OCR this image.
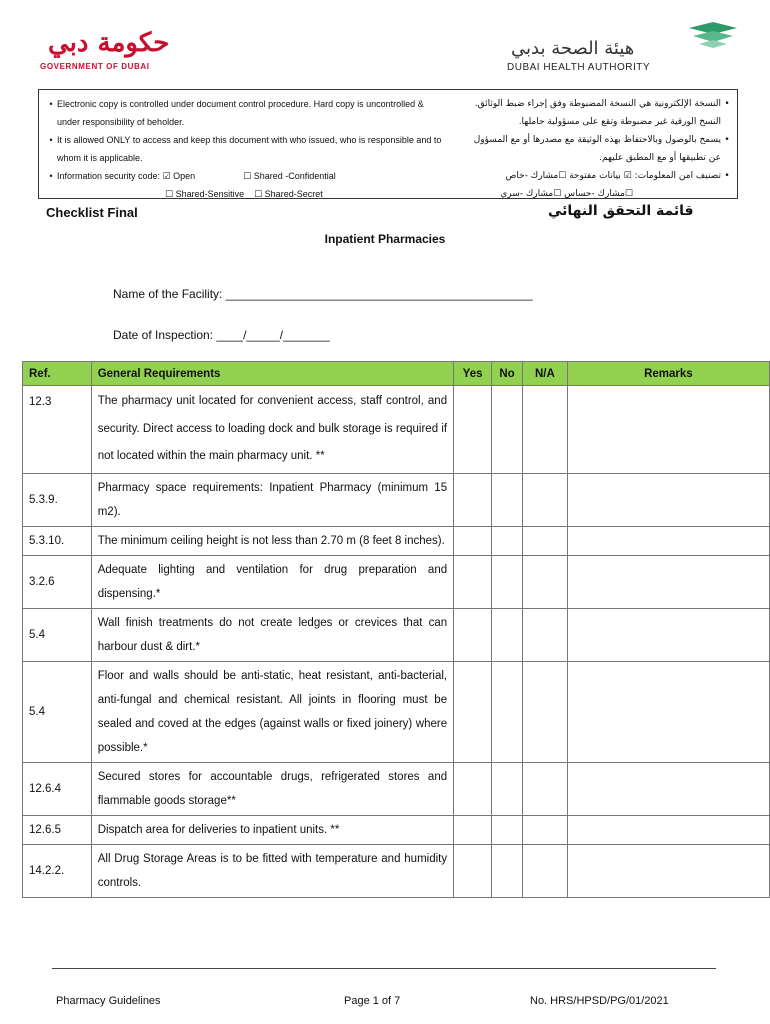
حكومة دبي
GOVERNMENT OF DUBAI
هيئة الصحة بدبي
DUBAI HEALTH AUTHORITY
• Electronic copy is controlled under document control procedure. Hard copy is uncontrolled &
under responsibility of beholder.
• It is allowed ONLY to access and keep this document with who issued, who is responsible and to
whom it is applicable.
• Information security code: ☑ Open	☐ Shared -Confidential
☐ Shared-Sensitive ☐ Shared-Secret
•النسخة الإلكترونية هي النسخة المضبوطة وفق إجراء ضبط الوثائق.
النسخ الورقية غير مضبوطة وتقع على مسؤولية حاملها.
•يسمح بالوصول وبالاحتفاظ بهذه الوثيقة مع مصدرها أو مع المسؤول
عن تطبيقها أو مع المطبق عليهم.
•تصنيف امن المعلومات: ☑ بيانات مفتوحة ☐مشارك -خاص
☐مشارك -حساس ☐مشارك -سري
Checklist Final	قائمة التحقق النهائي
Inpatient Pharmacies
Name of the Facility: ______________________________________________
Date of Inspection: ____/_____/_______
Ref.	General Requirements	Yes	No	N/A	Remarks
12.3	The pharmacy unit located for convenient access, staff control, and security. Direct access to loading dock and bulk storage is required if not located within the main pharmacy unit. **				
5.3.9.	Pharmacy space requirements: Inpatient Pharmacy (minimum 15 m2).				
5.3.10.	The minimum ceiling height is not less than 2.70 m (8 feet 8 inches).				
3.2.6	Adequate lighting and ventilation for drug preparation and dispensing.*				
5.4	Wall finish treatments do not create ledges or crevices that can harbour dust & dirt.*				
5.4	Floor and walls should be anti-static, heat resistant, anti-bacterial, anti-fungal and chemical resistant. All joints in flooring must be sealed and coved at the edges (against walls or fixed joinery) where possible.*				
12.6.4	Secured stores for accountable drugs, refrigerated stores and flammable goods storage**				
12.6.5	Dispatch area for deliveries to inpatient units. **				
14.2.2.	All Drug Storage Areas is to be fitted with temperature and humidity controls.				
Pharmacy Guidelines	Page 1 of 7	No. HRS/HPSD/PG/01/2021
